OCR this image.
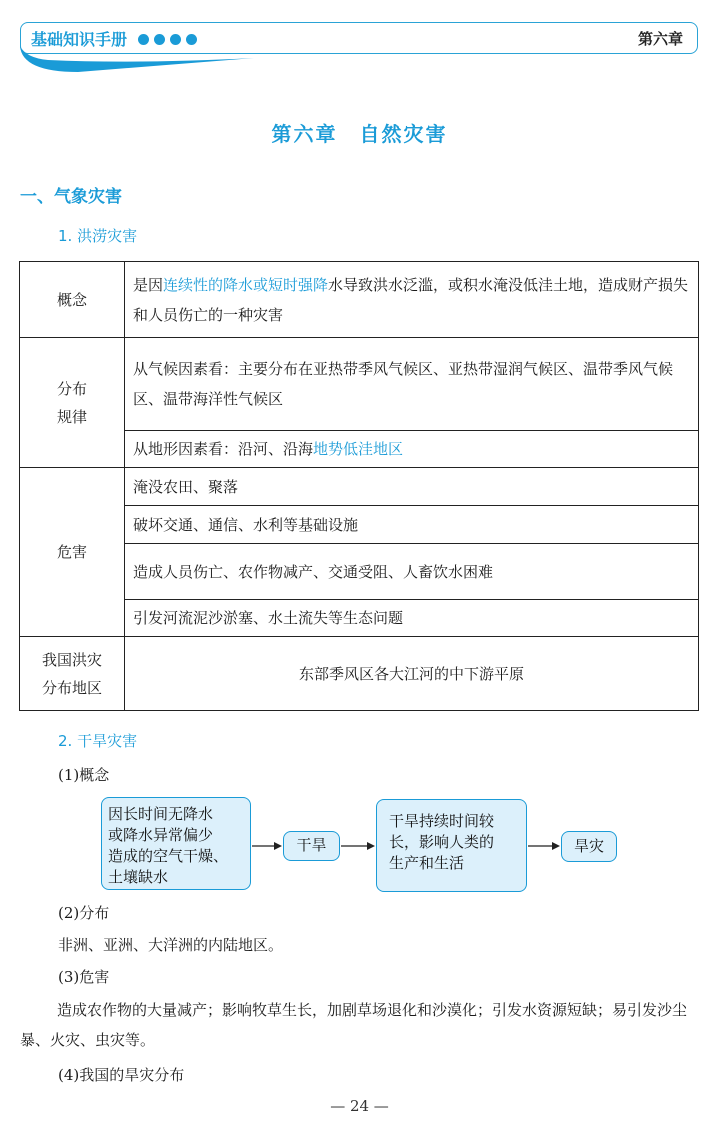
基础知识手册	第六章
第六章　自然灾害
一、气象灾害
1. 洪涝灾害
概念	是因连续性的降水或短时强降水导致洪水泛滥，或积水淹没低洼土地，造成财产损失和人员伤亡的一种灾害
分布
规律	从气候因素看：主要分布在亚热带季风气候区、亚热带湿润气候区、温带季风气候区、温带海洋性气候区
	从地形因素看：沿河、沿海地势低洼地区
危害	淹没农田、聚落
	破坏交通、通信、水利等基础设施
	造成人员伤亡、农作物减产、交通受阻、人畜饮水困难
	引发河流泥沙淤塞、水土流失等生态问题
我国洪灾
分布地区	东部季风区各大江河的中下游平原
2. 干旱灾害
(1)概念
因长时间无降水
或降水异常偏少
造成的空气干燥、
土壤缺水
干旱
干旱持续时间较
长，影响人类的
生产和生活
旱灾
(2)分布
非洲、亚洲、大洋洲的内陆地区。
(3)危害
造成农作物的大量减产；影响牧草生长，加剧草场退化和沙漠化；引发水资源短缺；易引发沙尘暴、火灾、虫灾等。
(4)我国的旱灾分布
— 24 —
